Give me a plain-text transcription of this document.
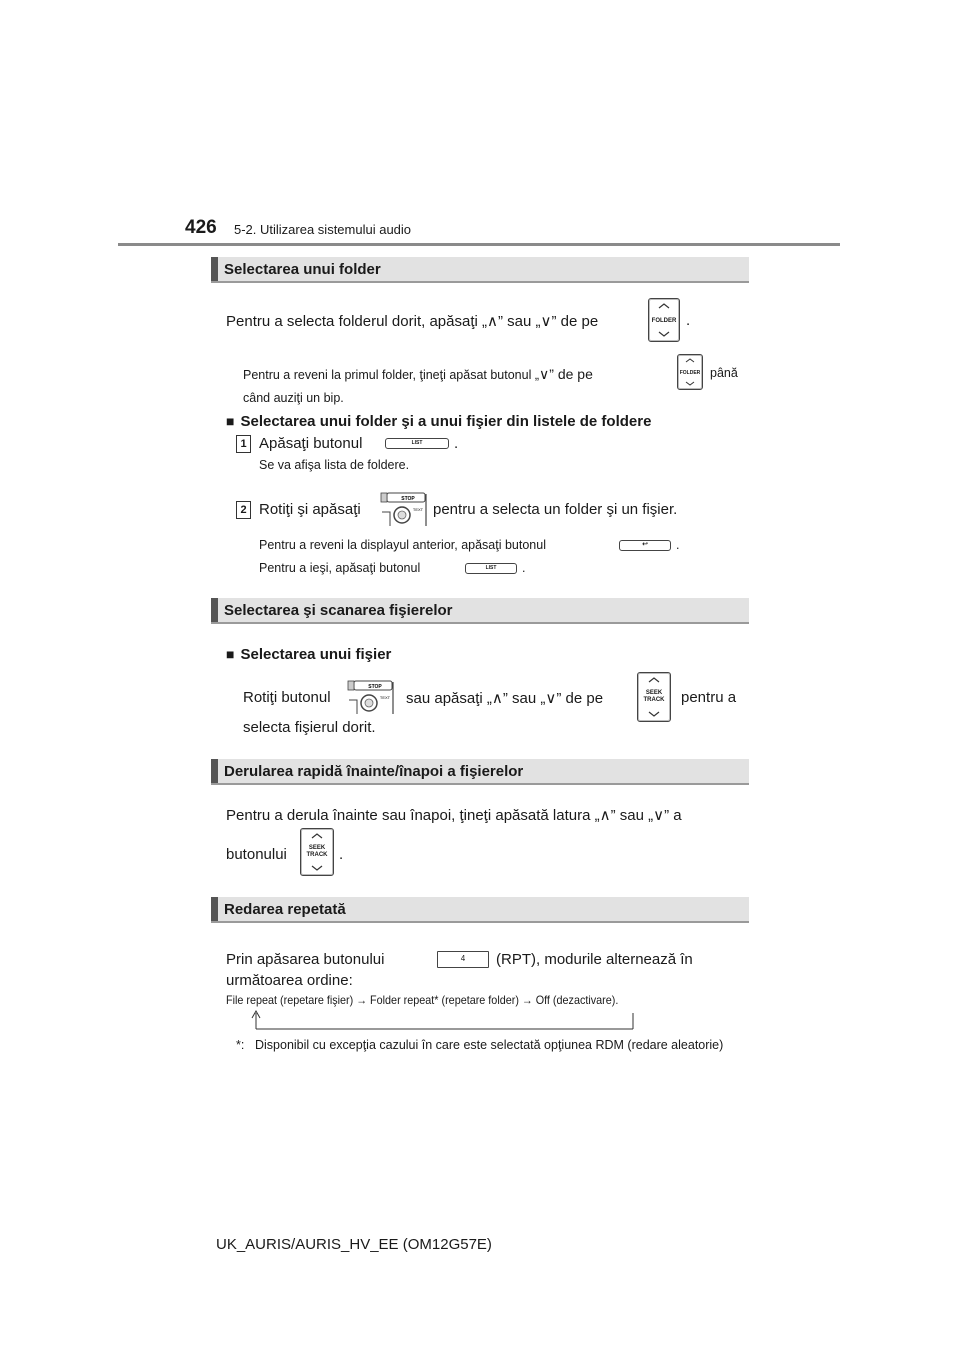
426 5-2. Utilizarea sistemului audio
Selectarea unui folder
Pentru a selecta folderul dorit, apăsaţi „∧” sau „∨” de pe	FOLDER .
Pentru a reveni la primul folder, ţineţi apăsat butonul „∨” de pe	FOLDER până
când auziţi un bip.
■ Selectarea unui folder şi a unui fişier din listele de foldere
1 Apăsaţi butonul	LIST	.
Se va afişa lista de foldere.
2 Rotiţi şi apăsaţi
STOP
TEXT pentru a selecta un folder şi un fişier.
Pentru a reveni la displayul anterior, apăsaţi butonul	↩	.
Pentru a ieşi, apăsaţi butonul	LIST	.
Selectarea şi scanarea fişierelor
■ Selectarea unui fişier
Rotiţi butonul
STOP
TEXT sau apăsaţi „∧” sau „∨” de pe	SEEK TRACK pentru a
selecta fişierul dorit.
Derularea rapidă înainte/înapoi a fişierelor
Pentru a derula înainte sau înapoi, ţineţi apăsată latura „∧” sau „∨” a
butonului	SEEK TRACK .
Redarea repetată
Prin apăsarea butonului	4	(RPT), modurile alternează în
următoarea ordine:
File repeat (repetare fişier) → Folder repeat* (repetare folder) → Off (dezactivare).
*: Disponibil cu excepţia cazului în care este selectată opţiunea RDM (redare aleatorie)
UK_AURIS/AURIS_HV_EE (OM12G57E)
